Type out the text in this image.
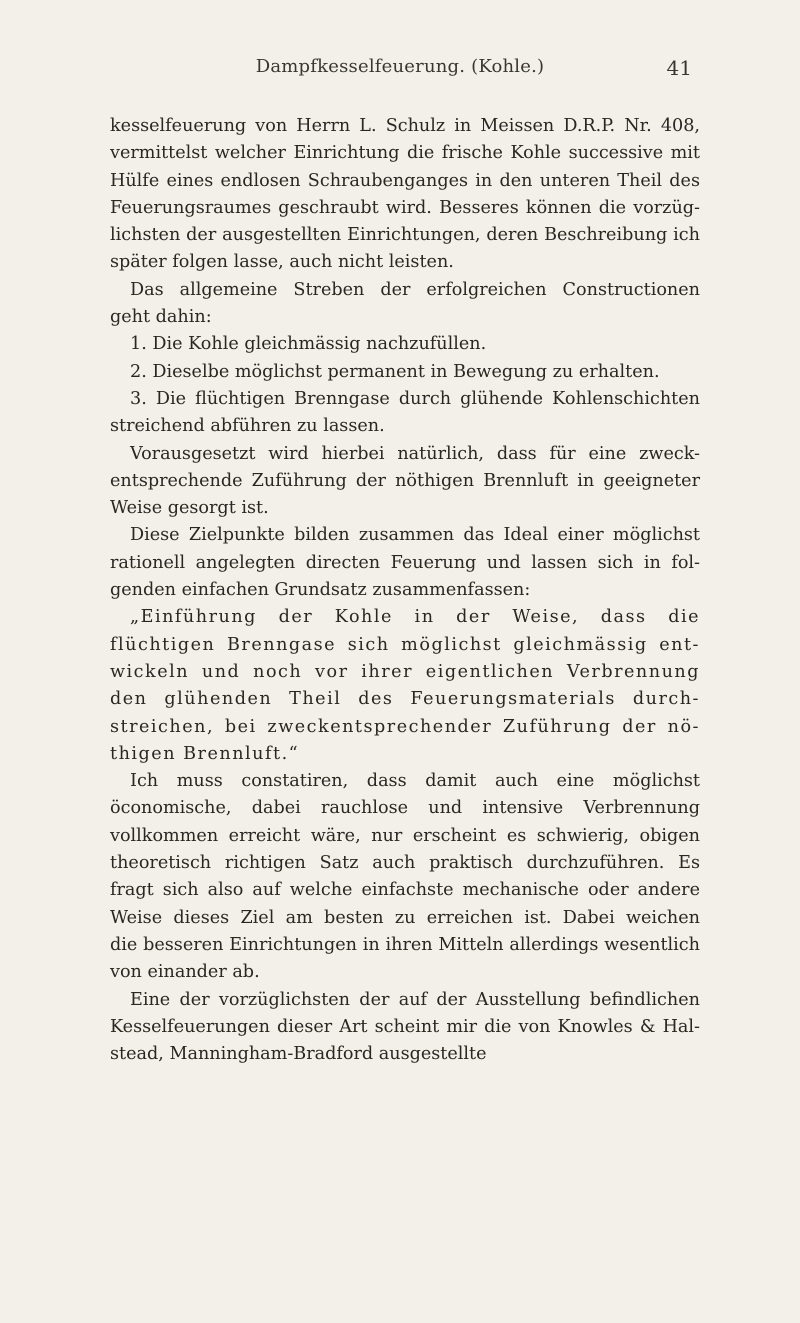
Dampfkesselfeuerung. (Kohle.)	41
kesselfeuerung von Herrn L. Schulz in Meissen D.R.P. Nr. 408,
vermittelst welcher Einrichtung die frische Kohle successive mit
Hülfe eines endlosen Schraubenganges in den unteren Theil des
Feuerungsraumes geschraubt wird. Besseres können die vorzüg-
lichsten der ausgestellten Einrichtungen, deren Beschreibung ich
später folgen lasse, auch nicht leisten.
Das allgemeine Streben der erfolgreichen Constructionen
geht dahin:
1. Die Kohle gleichmässig nachzufüllen.
2. Dieselbe möglichst permanent in Bewegung zu erhalten.
3. Die flüchtigen Brenngase durch glühende Kohlenschichten
streichend abführen zu lassen.
Vorausgesetzt wird hierbei natürlich, dass für eine zweck-
entsprechende Zuführung der nöthigen Brennluft in geeigneter
Weise gesorgt ist.
Diese Zielpunkte bilden zusammen das Ideal einer möglichst
rationell angelegten directen Feuerung und lassen sich in fol-
genden einfachen Grundsatz zusammenfassen:
„Einführung der Kohle in der Weise, dass die
flüchtigen Brenngase sich möglichst gleichmässig ent-
wickeln und noch vor ihrer eigentlichen Verbrennung
den glühenden Theil des Feuerungsmaterials durch-
streichen, bei zweckentsprechender Zuführung der nö-
thigen Brennluft.“
Ich muss constatiren, dass damit auch eine möglichst
öconomische, dabei rauchlose und intensive Verbrennung
vollkommen erreicht wäre, nur erscheint es schwierig, obigen
theoretisch richtigen Satz auch praktisch durchzuführen. Es
fragt sich also auf welche einfachste mechanische oder andere
Weise dieses Ziel am besten zu erreichen ist. Dabei weichen
die besseren Einrichtungen in ihren Mitteln allerdings wesentlich
von einander ab.
Eine der vorzüglichsten der auf der Ausstellung befindlichen
Kesselfeuerungen dieser Art scheint mir die von Knowles & Hal-
stead, Manningham-Bradford ausgestellte
